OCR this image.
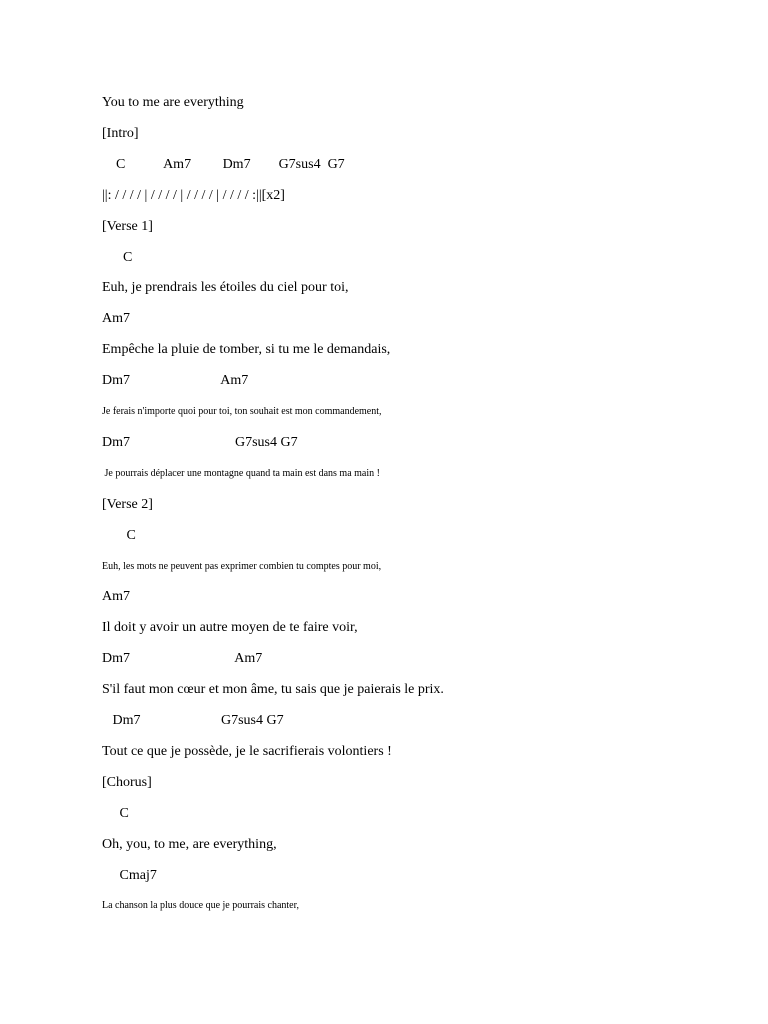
You to me are everything
[Intro]
C           Am7         Dm7        G7sus4  G7
||: / / / / | / / / / | / / / / | / / / / :||[x2]
[Verse 1]
C
Euh, je prendrais les étoiles du ciel pour toi,
Am7
Empêche la pluie de tomber, si tu me le demandais,
Dm7                          Am7
Je ferais n'importe quoi pour toi, ton souhait est mon commandement,
Dm7                              G7sus4 G7
Je pourrais déplacer une montagne quand ta main est dans ma main !
[Verse 2]
C
Euh, les mots ne peuvent pas exprimer combien tu comptes pour moi,
Am7
Il doit y avoir un autre moyen de te faire voir,
Dm7                              Am7
S'il faut mon cœur et mon âme, tu sais que je paierais le prix.
Dm7                       G7sus4 G7
Tout ce que je possède, je le sacrifierais volontiers !
[Chorus]
C
Oh, you, to me, are everything,
Cmaj7
La chanson la plus douce que je pourrais chanter,
